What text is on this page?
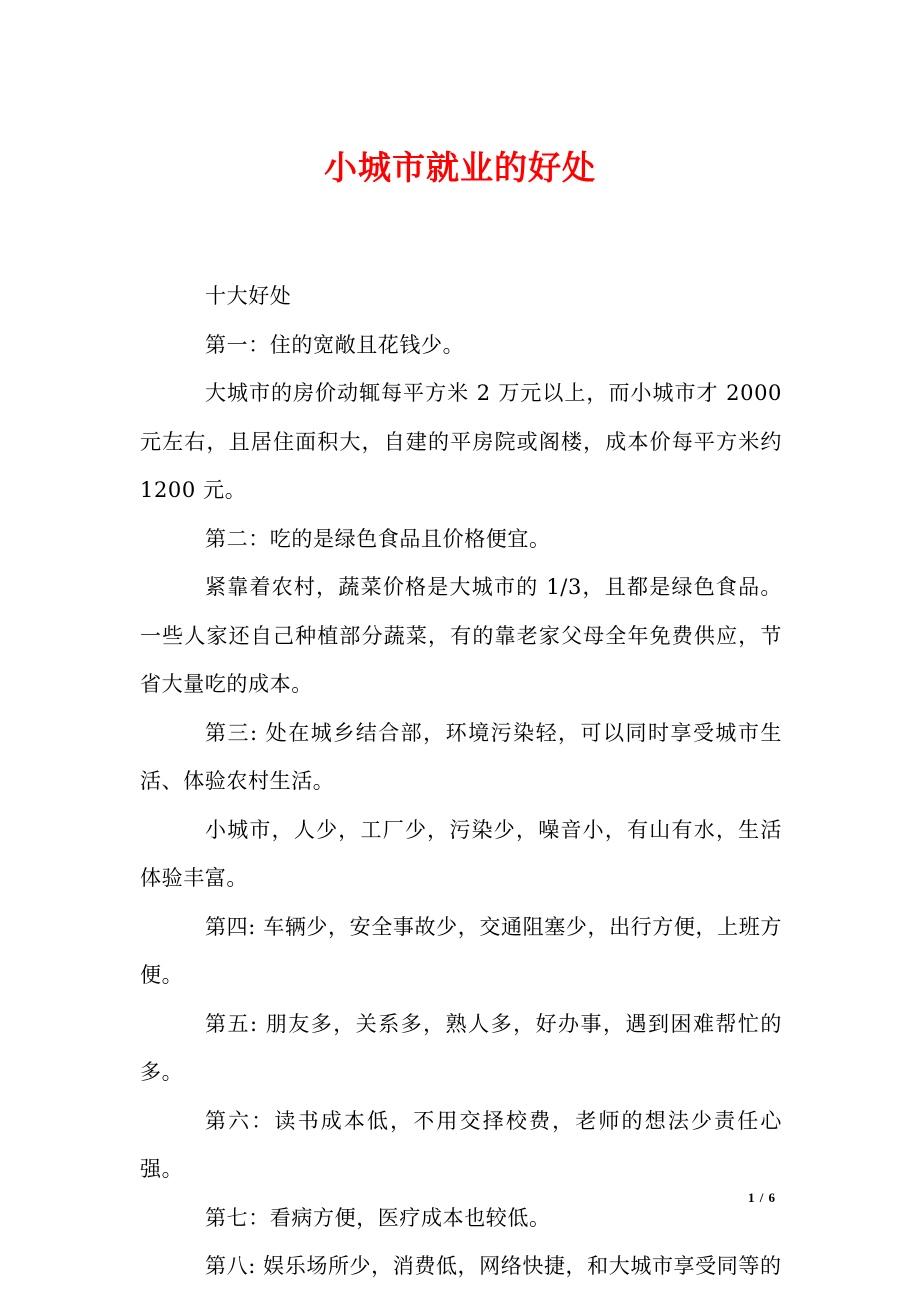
小城市就业的好处

十大好处

第一：住的宽敞且花钱少。

大城市的房价动辄每平方米 2 万元以上，而小城市才 2000 元左右，且居住面积大，自建的平房院或阁楼，成本价每平方米约 1200 元。

第二：吃的是绿色食品且价格便宜。

紧靠着农村，蔬菜价格是大城市的 1/3，且都是绿色食品。一些人家还自己种植部分蔬菜，有的靠老家父母全年免费供应，节省大量吃的成本。

第三: 处在城乡结合部，环境污染轻，可以同时享受城市生活、体验农村生活。

小城市，人少，工厂少，污染少，噪音小，有山有水，生活体验丰富。

第四: 车辆少，安全事故少，交通阻塞少，出行方便，上班方便。

第五: 朋友多，关系多，熟人多，好办事，遇到困难帮忙的多。

第六：读书成本低，不用交择校费，老师的想法少责任心强。

第七：看病方便，医疗成本也较低。

第八: 娱乐场所少，消费低，网络快捷，和大城市享受同等的

1 / 6
